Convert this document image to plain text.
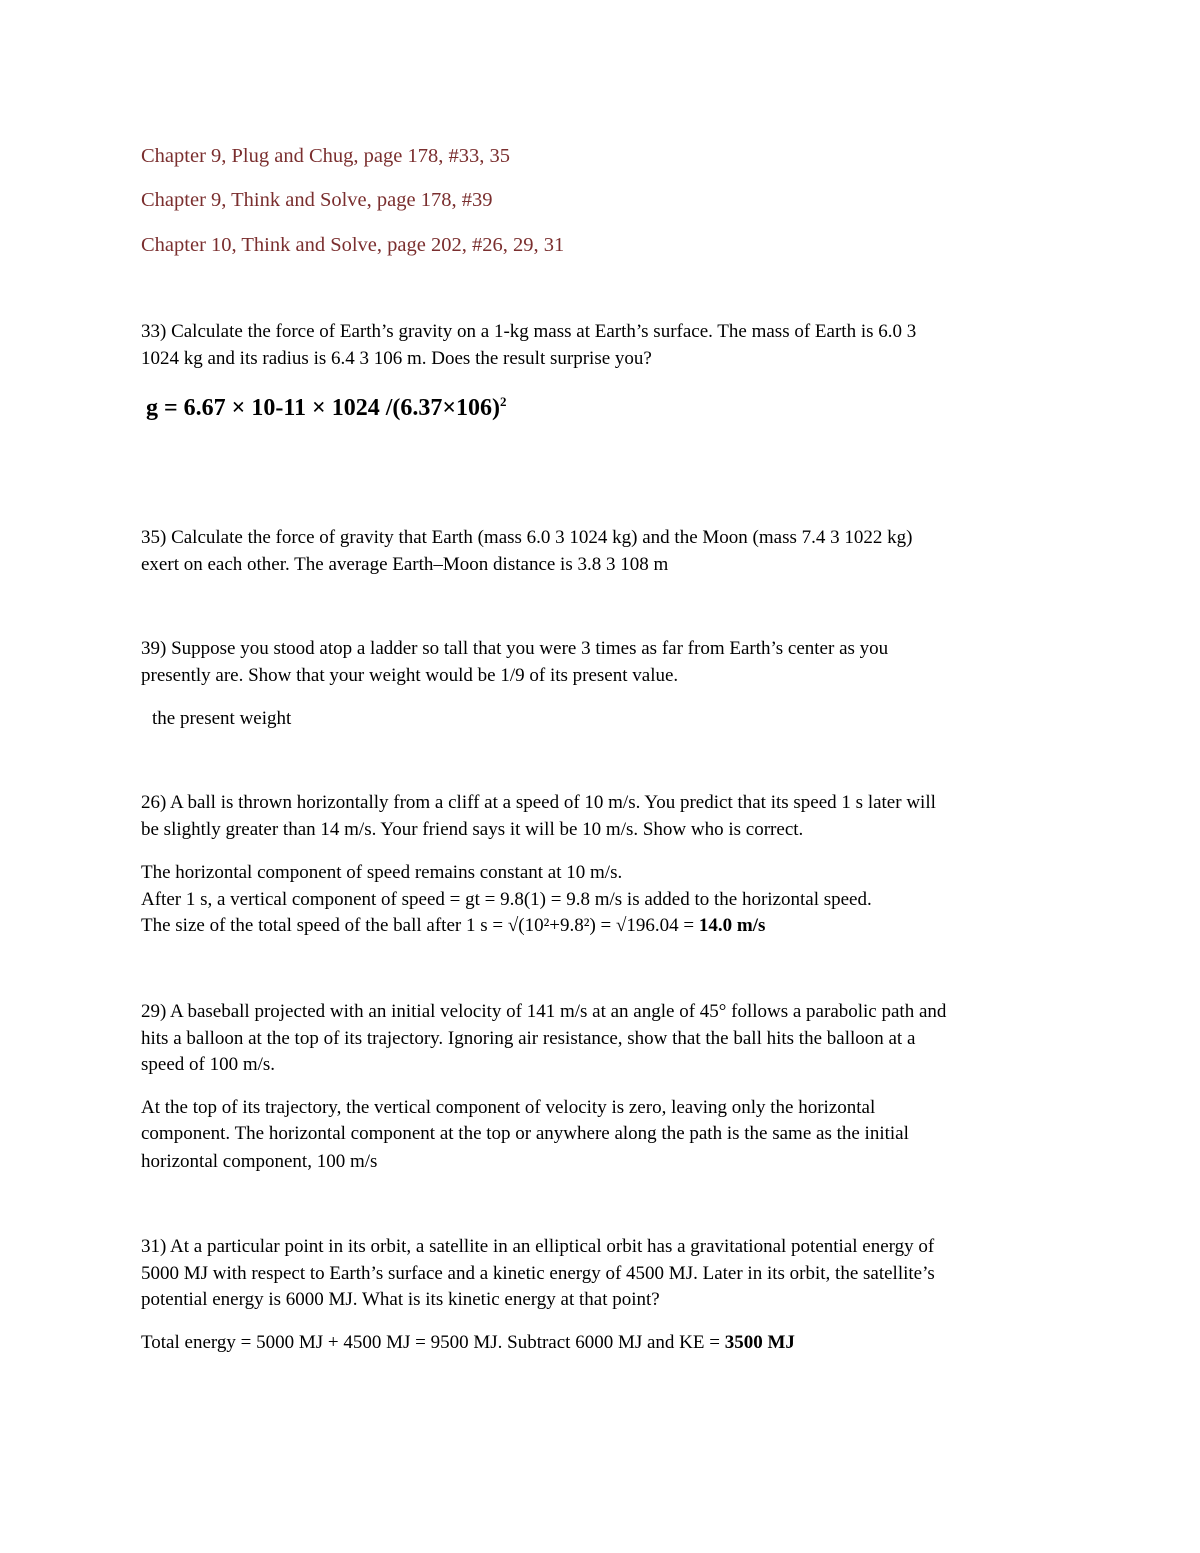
Chapter 9, Plug and Chug, page 178, #33, 35
Chapter 9, Think and Solve, page 178, #39
Chapter 10, Think and Solve, page 202, #26, 29, 31
33) Calculate the force of Earth’s gravity on a 1-kg mass at Earth’s surface. The mass of Earth is 6.0 3
1024 kg and its radius is 6.4 3 106 m. Does the result surprise you?
g = 6.67 × 10-11 × 1024 $/(6.37\times 106)^2$
35) Calculate the force of gravity that Earth (mass 6.0 3 1024 kg) and the Moon (mass 7.4 3 1022 kg)
exert on each other. The average Earth–Moon distance is 3.8 3 108 m
39) Suppose you stood atop a ladder so tall that you were 3 times as far from Earth’s center as you
presently are. Show that your weight would be 1/9 of its present value.
the present weight
26) A ball is thrown horizontally from a cliff at a speed of 10 m/s. You predict that its speed 1 s later will
be slightly greater than 14 m/s. Your friend says it will be 10 m/s. Show who is correct.
The horizontal component of speed remains constant at 10 m/s.
After 1 s, a vertical component of speed = gt = 9.8(1) = 9.8 m/s is added to the horizontal speed.
The size of the total speed of the ball after 1 s = √(10²+9.8²) = √196.04 = 14.0 m/s
29) A baseball projected with an initial velocity of 141 m/s at an angle of 45° follows a parabolic path and
hits a balloon at the top of its trajectory. Ignoring air resistance, show that the ball hits the balloon at a
speed of 100 m/s.
At the top of its trajectory, the vertical component of velocity is zero, leaving only the horizontal
component. The horizontal component at the top or anywhere along the path is the same as the initial
horizontal component, 100 m/s
31) At a particular point in its orbit, a satellite in an elliptical orbit has a gravitational potential energy of
5000 MJ with respect to Earth’s surface and a kinetic energy of 4500 MJ. Later in its orbit, the satellite’s
potential energy is 6000 MJ. What is its kinetic energy at that point?
Total energy = 5000 MJ + 4500 MJ = 9500 MJ. Subtract 6000 MJ and KE = 3500 MJ
